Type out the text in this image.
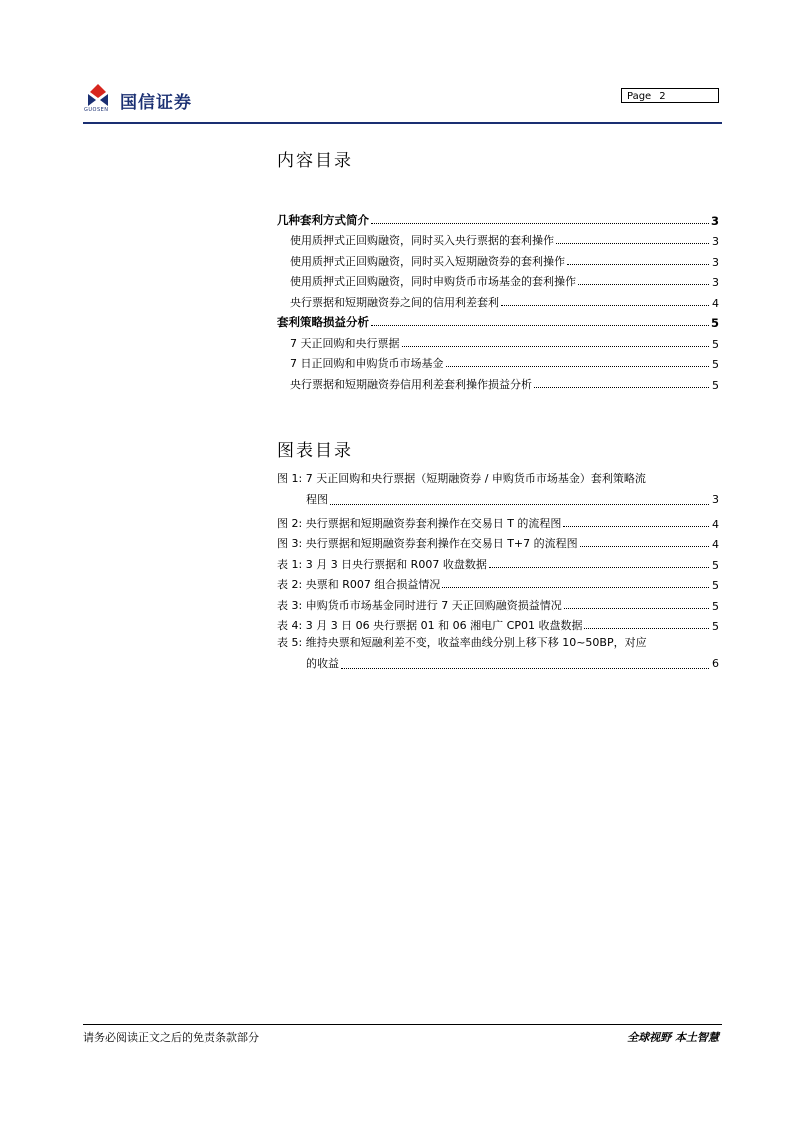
国信证券
GUOSEN
Page 2
内容目录
几种套利方式简介	3
使用质押式正回购融资，同时买入央行票据的套利操作	3
使用质押式正回购融资，同时买入短期融资券的套利操作	3
使用质押式正回购融资，同时申购货币市场基金的套利操作	3
央行票据和短期融资券之间的信用利差套利	4
套利策略损益分析	5
7 天正回购和央行票据	5
7 日正回购和申购货币市场基金	5
央行票据和短期融资券信用利差套利操作损益分析	5
图表目录
图 1: 7 天正回购和央行票据（短期融资券 / 申购货币市场基金）套利策略流
程图	3
图 2: 央行票据和短期融资券套利操作在交易日 T 的流程图	4
图 3: 央行票据和短期融资券套利操作在交易日 T+7 的流程图	4
表 1: 3 月 3 日央行票据和 R007 收盘数据	5
表 2: 央票和 R007 组合损益情况	5
表 3: 申购货币市场基金同时进行 7 天正回购融资损益情况	5
表 4: 3 月 3 日 06 央行票据 01 和 06 湘电广 CP01 收盘数据	5
表 5: 维持央票和短融利差不变，收益率曲线分别上移下移 10~50BP，对应
的收益	6
请务必阅读正文之后的免责条款部分	全球视野 本土智慧
